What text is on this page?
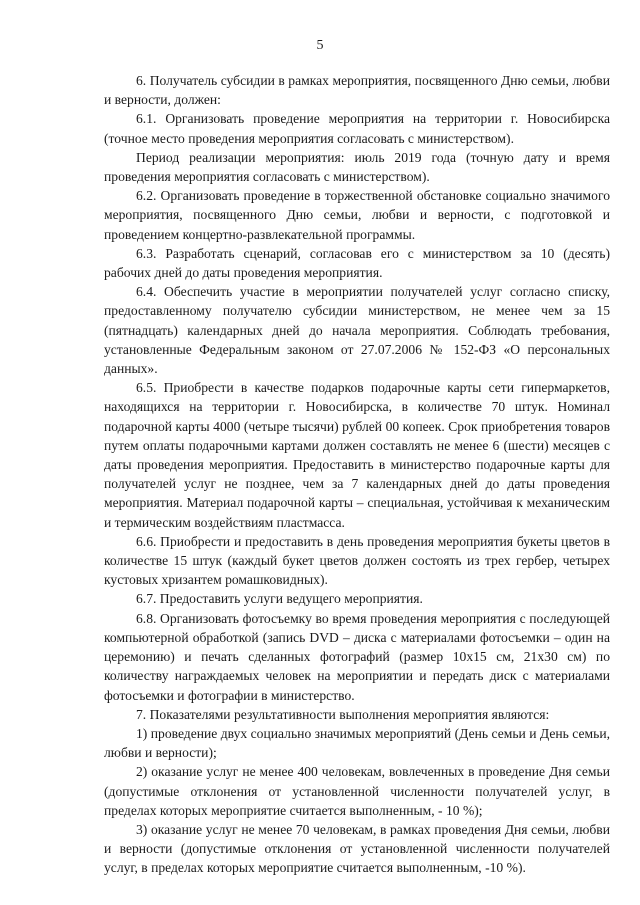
5

6. Получатель субсидии в рамках мероприятия, посвященного Дню семьи, любви и верности, должен:

6.1. Организовать проведение мероприятия на территории г. Новосибирска (точное место проведения мероприятия согласовать с министерством).

Период реализации мероприятия: июль 2019 года (точную дату и время проведения мероприятия согласовать с министерством).

6.2. Организовать проведение в торжественной обстановке социально значимого мероприятия, посвященного Дню семьи, любви и верности, с подготовкой и проведением концертно-развлекательной программы.

6.3. Разработать сценарий, согласовав его с министерством за 10 (десять) рабочих дней до даты проведения мероприятия.

6.4. Обеспечить участие в мероприятии получателей услуг согласно списку, предоставленному получателю субсидии министерством, не менее чем за 15 (пятнадцать) календарных дней до начала мероприятия. Соблюдать требования, установленные Федеральным законом от 27.07.2006 № 152-ФЗ «О персональных данных».

6.5. Приобрести в качестве подарков подарочные карты сети гипермаркетов, находящихся на территории г. Новосибирска, в количестве 70 штук. Номинал подарочной карты 4000 (четыре тысячи) рублей 00 копеек. Срок приобретения товаров путем оплаты подарочными картами должен составлять не менее 6 (шести) месяцев с даты проведения мероприятия. Предоставить в министерство подарочные карты для получателей услуг не позднее, чем за 7 календарных дней до даты проведения мероприятия. Материал подарочной карты – специальная, устойчивая к механическим и термическим воздействиям пластмасса.

6.6. Приобрести и предоставить в день проведения мероприятия букеты цветов в количестве 15 штук (каждый букет цветов должен состоять из трех гербер, четырех кустовых хризантем ромашковидных).

6.7. Предоставить услуги ведущего мероприятия.

6.8. Организовать фотосъемку во время проведения мероприятия с последующей компьютерной обработкой (запись DVD – диска с материалами фотосъемки – один на церемонию) и печать сделанных фотографий (размер 10х15 см, 21х30 см) по количеству награждаемых человек на мероприятии и передать диск с материалами фотосъемки и фотографии в министерство.

7. Показателями результативности выполнения мероприятия являются:

1) проведение двух социально значимых мероприятий (День семьи и День семьи, любви и верности);

2) оказание услуг не менее 400 человекам, вовлеченных в проведение Дня семьи (допустимые отклонения от установленной численности получателей услуг, в пределах которых мероприятие считается выполненным, - 10 %);

3) оказание услуг не менее 70 человекам, в рамках проведения Дня семьи, любви и верности (допустимые отклонения от установленной численности получателей услуг, в пределах которых мероприятие считается выполненным, -10 %).
